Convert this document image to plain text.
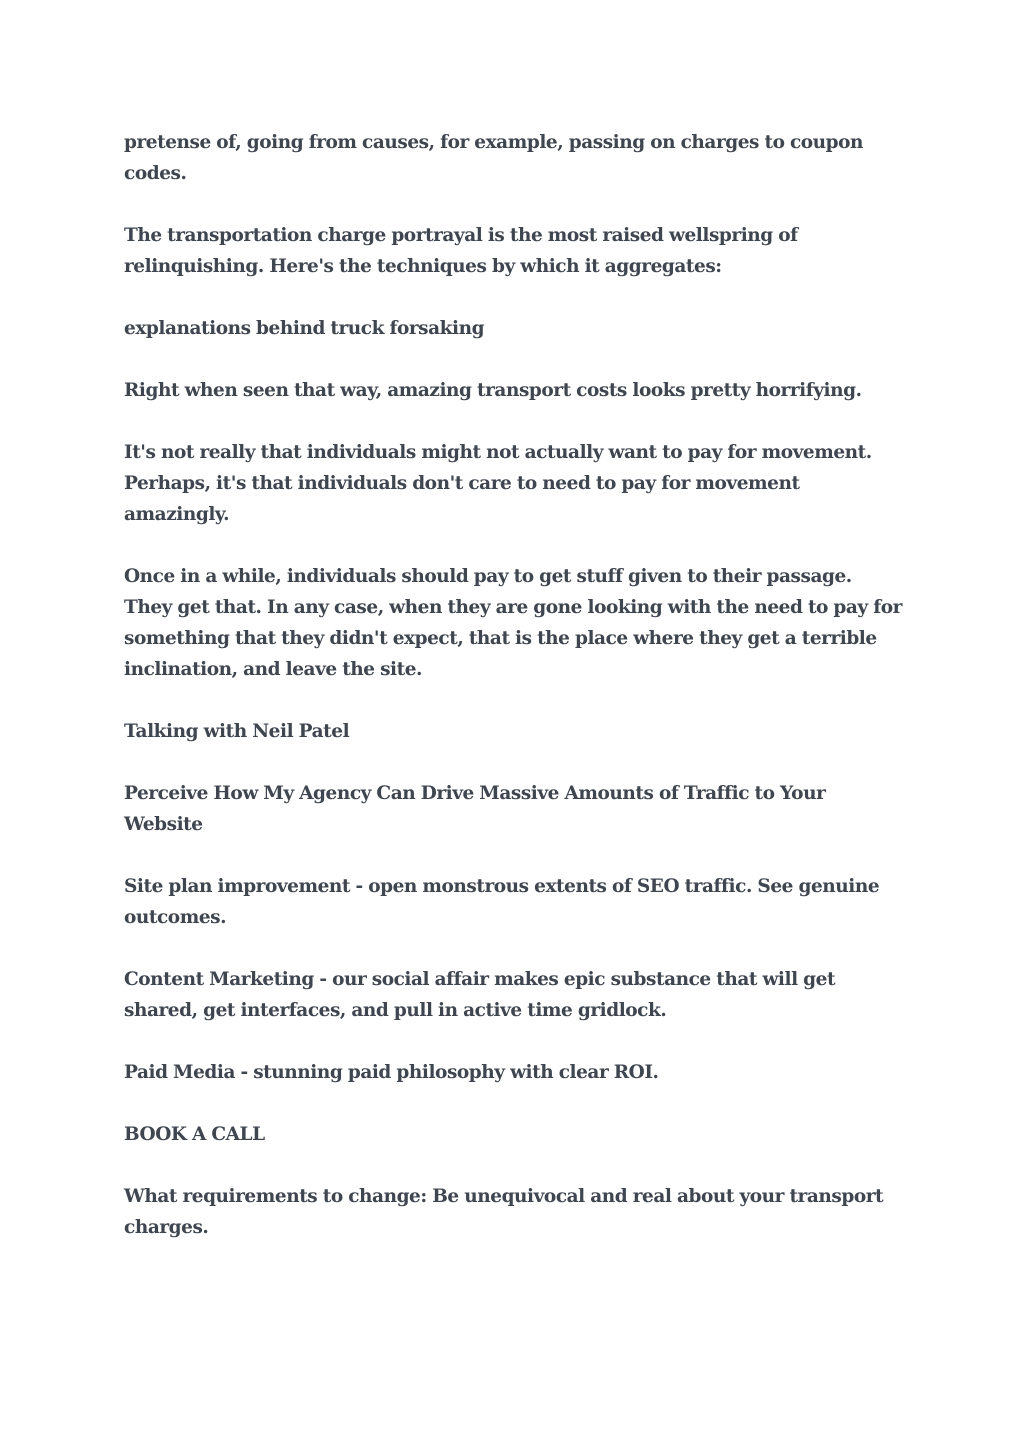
pretense of, going from causes, for example, passing on charges to coupon codes.

The transportation charge portrayal is the most raised wellspring of relinquishing. Here's the techniques by which it aggregates:

explanations behind truck forsaking

Right when seen that way, amazing transport costs looks pretty horrifying.

It's not really that individuals might not actually want to pay for movement. Perhaps, it's that individuals don't care to need to pay for movement amazingly.

Once in a while, individuals should pay to get stuff given to their passage. They get that. In any case, when they are gone looking with the need to pay for something that they didn't expect, that is the place where they get a terrible inclination, and leave the site.

Talking with Neil Patel

Perceive How My Agency Can Drive Massive Amounts of Traffic to Your Website

Site plan improvement - open monstrous extents of SEO traffic. See genuine outcomes.

Content Marketing - our social affair makes epic substance that will get shared, get interfaces, and pull in active time gridlock.

Paid Media - stunning paid philosophy with clear ROI.

BOOK A CALL

What requirements to change: Be unequivocal and real about your transport charges.
